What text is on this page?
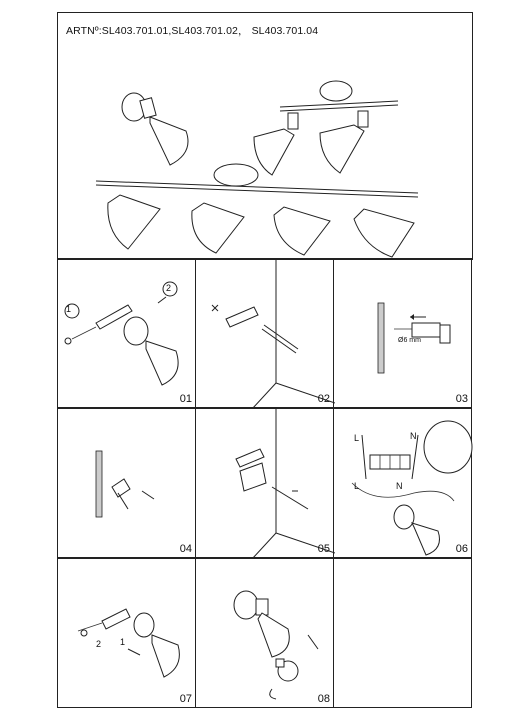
ARTNº:SL403.701.01,SL403.701.02， SL403.701.04
1
2
01	02
Ø6 mm
03
04	05
L	N
L	N
06
1
2
07	08
